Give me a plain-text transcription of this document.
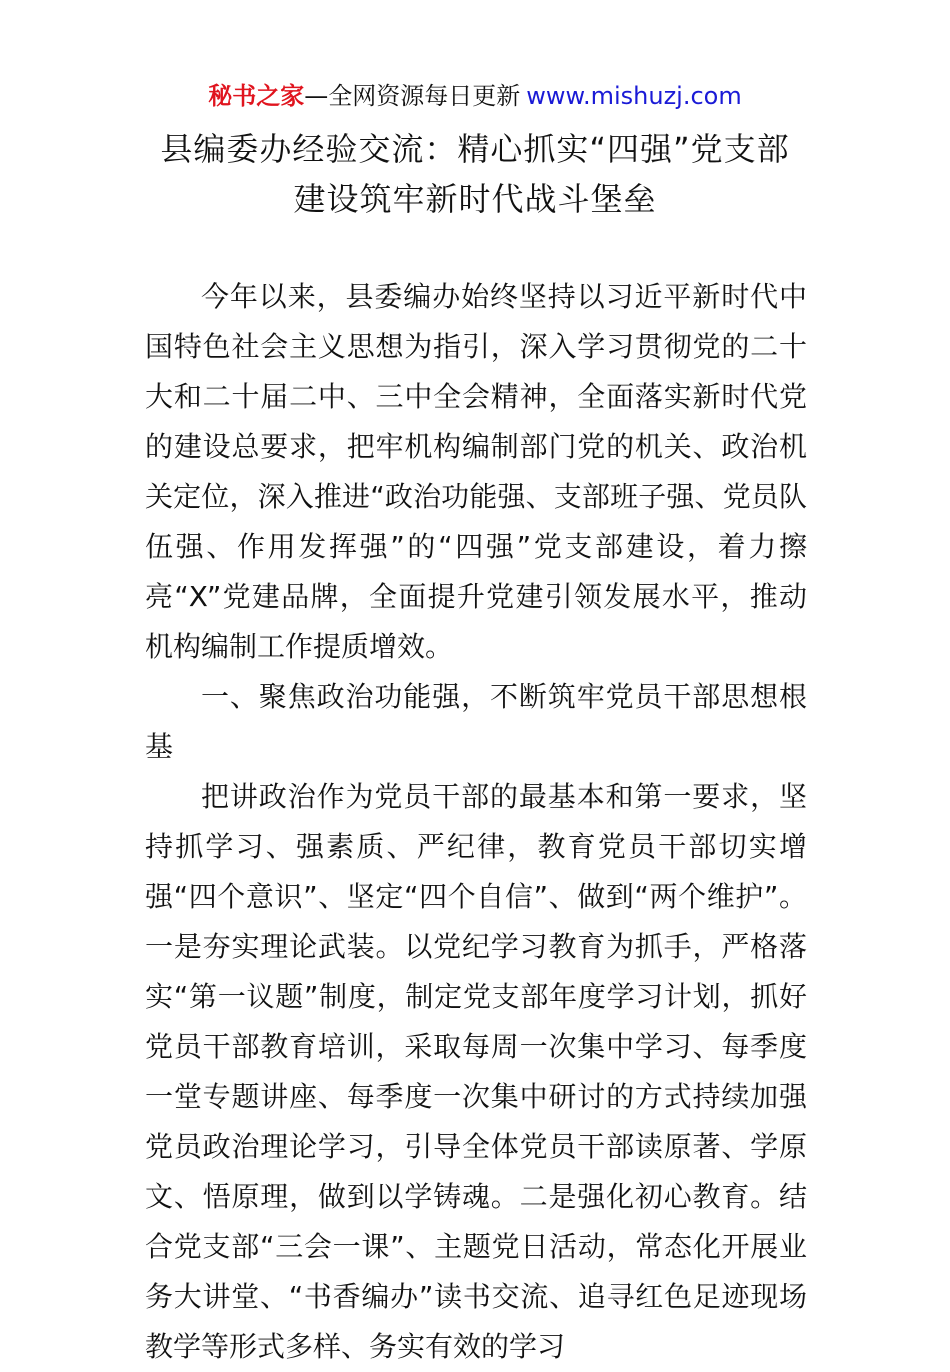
秘书之家—全网资源每日更新 www.mishuzj.com
县编委办经验交流：精心抓实“四强”党支部
建设筑牢新时代战斗堡垒

今年以来，县委编办始终坚持以习近平新时代中国特色社会主义思想为指引，深入学习贯彻党的二十大和二十届二中、三中全会精神，全面落实新时代党的建设总要求，把牢机构编制部门党的机关、政治机关定位，深入推进“政治功能强、支部班子强、党员队伍强、作用发挥强”的“四强”党支部建设，着力擦亮“X”党建品牌，全面提升党建引领发展水平，推动机构编制工作提质增效。

一、聚焦政治功能强，不断筑牢党员干部思想根基

把讲政治作为党员干部的最基本和第一要求，坚持抓学习、强素质、严纪律，教育党员干部切实增强“四个意识”、坚定“四个自信”、做到“两个维护”。一是夯实理论武装。以党纪学习教育为抓手，严格落实“第一议题”制度，制定党支部年度学习计划，抓好党员干部教育培训，采取每周一次集中学习、每季度一堂专题讲座、每季度一次集中研讨的方式持续加强党员政治理论学习，引导全体党员干部读原著、学原文、悟原理，做到以学铸魂。二是强化初心教育。结合党支部“三会一课”、主题党日活动，常态化开展业务大讲堂、“书香编办”读书交流、追寻红色足迹现场教学等形式多样、务实有效的学习
